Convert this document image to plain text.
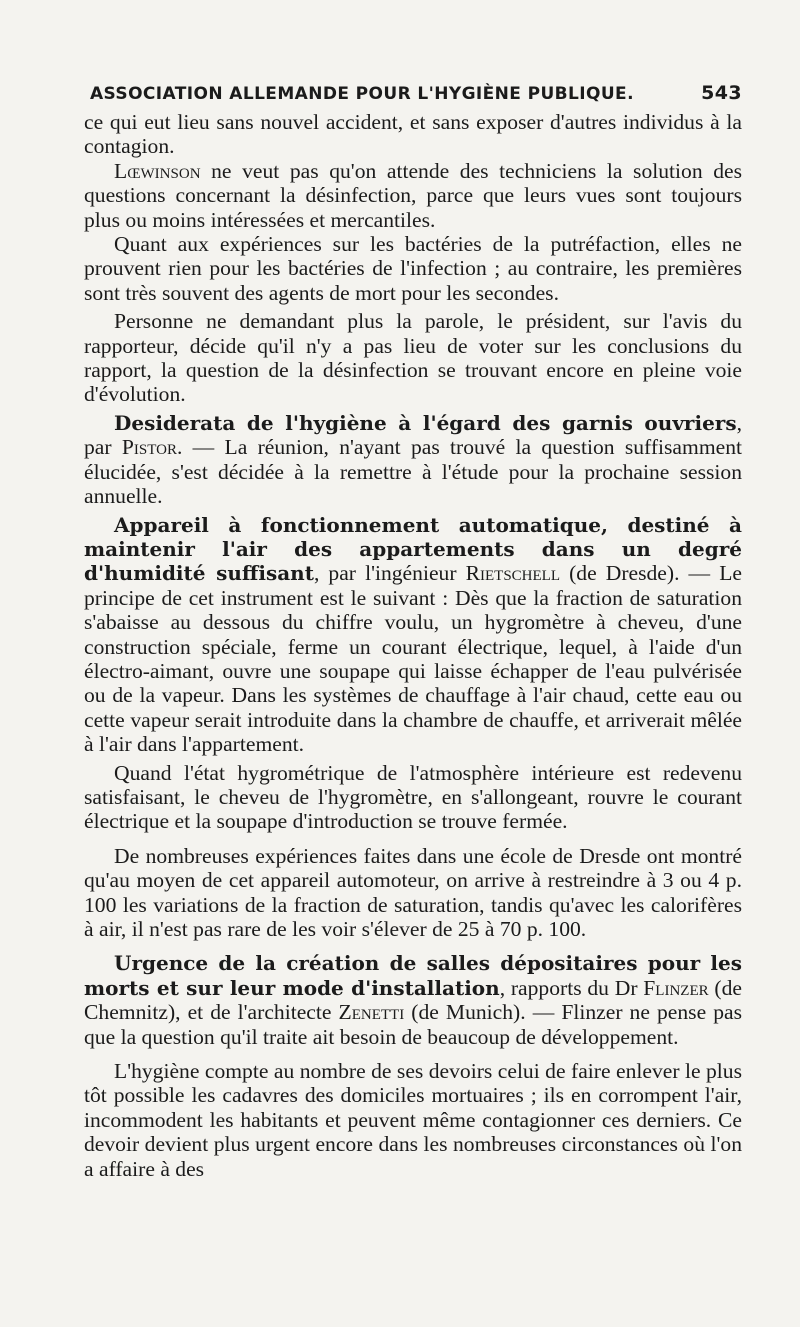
ASSOCIATION ALLEMANDE POUR L'HYGIÈNE PUBLIQUE.	543

ce qui eut lieu sans nouvel accident, et sans exposer d'autres individus à la contagion.

Lœwinson ne veut pas qu'on attende des techniciens la solution des questions concernant la désinfection, parce que leurs vues sont toujours plus ou moins intéressées et mercantiles.

Quant aux expériences sur les bactéries de la putréfaction, elles ne prouvent rien pour les bactéries de l'infection ; au contraire, les premières sont très souvent des agents de mort pour les secondes.

Personne ne demandant plus la parole, le président, sur l'avis du rapporteur, décide qu'il n'y a pas lieu de voter sur les conclusions du rapport, la question de la désinfection se trouvant encore en pleine voie d'évolution.

Desiderata de l'hygiène à l'égard des garnis ouvriers, par Pistor. — La réunion, n'ayant pas trouvé la question suffisamment élucidée, s'est décidée à la remettre à l'étude pour la prochaine session annuelle.

Appareil à fonctionnement automatique, destiné à maintenir l'air des appartements dans un degré d'humidité suffisant, par l'ingénieur Rietschell (de Dresde). — Le principe de cet instrument est le suivant : Dès que la fraction de saturation s'abaisse au dessous du chiffre voulu, un hygromètre à cheveu, d'une construction spéciale, ferme un courant électrique, lequel, à l'aide d'un électro-aimant, ouvre une soupape qui laisse échapper de l'eau pulvérisée ou de la vapeur. Dans les systèmes de chauffage à l'air chaud, cette eau ou cette vapeur serait introduite dans la chambre de chauffe, et arriverait mêlée à l'air dans l'appartement.

Quand l'état hygrométrique de l'atmosphère intérieure est redevenu satisfaisant, le cheveu de l'hygromètre, en s'allongeant, rouvre le courant électrique et la soupape d'introduction se trouve fermée.

De nombreuses expériences faites dans une école de Dresde ont montré qu'au moyen de cet appareil automoteur, on arrive à restreindre à 3 ou 4 p. 100 les variations de la fraction de saturation, tandis qu'avec les calorifères à air, il n'est pas rare de les voir s'élever de 25 à 70 p. 100.

Urgence de la création de salles dépositaires pour les morts et sur leur mode d'installation, rapports du Dr Flinzer (de Chemnitz), et de l'architecte Zenetti (de Munich). — Flinzer ne pense pas que la question qu'il traite ait besoin de beaucoup de développement.

L'hygiène compte au nombre de ses devoirs celui de faire enlever le plus tôt possible les cadavres des domiciles mortuaires ; ils en corrompent l'air, incommodent les habitants et peuvent même contagionner ces derniers. Ce devoir devient plus urgent encore dans les nombreuses circonstances où l'on a affaire à des
